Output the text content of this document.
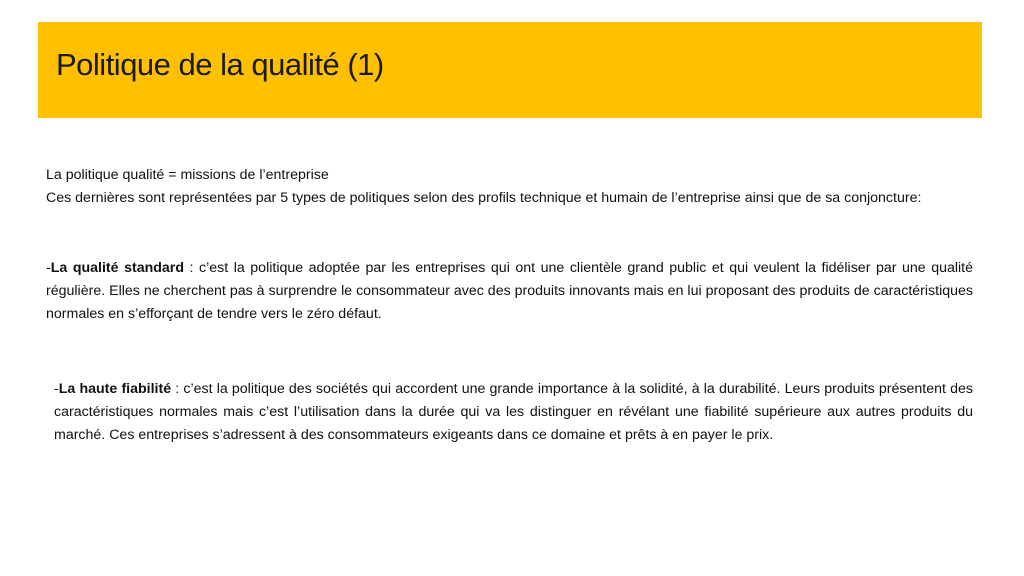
Politique de la qualité (1)

La politique qualité = missions de l’entreprise

Ces dernières sont représentées par 5 types de politiques selon des profils technique et humain de l’entreprise ainsi que de sa conjoncture:

-La qualité standard : c’est la politique adoptée par les entreprises qui ont une clientèle grand public et qui veulent la fidéliser par une qualité régulière. Elles ne cherchent pas à surprendre le consommateur avec des produits innovants mais en lui proposant des produits de caractéristiques normales en s’efforçant de tendre vers le zéro défaut.

-La haute fiabilité : c’est la politique des sociétés qui accordent une grande importance à la solidité, à la durabilité. Leurs produits présentent des caractéristiques normales mais c’est l’utilisation dans la durée qui va les distinguer en révélant une fiabilité supérieure aux autres produits du marché. Ces entreprises s’adressent à des consommateurs exigeants dans ce domaine et prêts à en payer le prix.
